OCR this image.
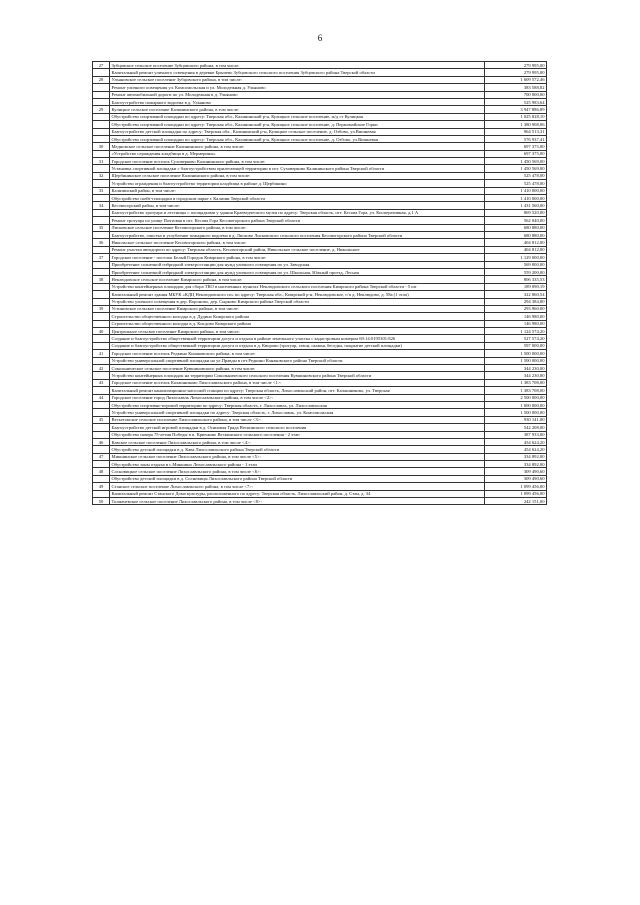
6
27	Зубцовское сельское поселение Зубцовского района, в том числе:	279 995,00
	Капитальный ремонт уличного освещения в деревне Брычево Зубцовского сельского поселения Зубцовского района Тверской области	279 995,00
28	Ульяновское сельское поселение Зубцовского района, в том числе:	1 609 572,46
	Ремонт уличного освещения ул. Комсомольская и ул. Молодежная д. Ульяново	383 588,82
	Ремонт автомобильной дороги по ул. Молодежная в д. Ульяново	700 000,00
	Благоустройство пожарного водоема в д. Ульяново	525 983,64
29	Кулицкое сельское поселение Калининского района, в том числе:	3 947 886,89
	Обустройство спортивной площадки по адресу: Тверская обл., Калининский р-н, Кулицкое сельское поселение, ж/д ст Кулицкая	1 025 828,10
	Обустройство спортивной площадки по адресу: Тверская обл., Калининский р-н, Кулицкое сельское поселение, д. Пермомайские Горки	1 380 908,06
	Благоустройство детской площадки по адресу: Тверская обл., Калининский р-н, Кулицкое сельское поселение, д. Озбово, ул.Вишневая	964 513,31
	Обустройство спортивной площадки по адресу: Тверская обл., Калининский р-н, Кулицкое сельское поселение, д. Озбово, ул.Вишневая	576 937,41
30	Медновское сельское поселение Калининского района, в том числе:	697 375,00
	«Устройство ограждения кладбища в д. Мермерины»	697 375,00
31	Городское поселение поселок Суховерково Калининского района, в том числе:	1 450 569,00
	Установка спортивной площадки с благоустройством прилегающей территории в пгт. Суховерково Калининского района Тверской области	1 450 569,00
32	Щербининское сельское поселение Калининского района, в том числе:	525 478,00
	Устройство ограждения и благоустройство территории кладбища в районе д. Щербинино	525 478,00
33	Калязинский район, в том числе:	1 410 000,00
	Обустройство скейт-площадки в городском парке г. Калязин Тверской области	1 410 000,00
34	Кесовогорский район, в том числе:	1 431 560,00
	Благоустройство тротуара и лестницы с площадками у здания Краеведческого музея по адресу: Тверская область, пгт. Кесова Гора, ул. Кооперативная, д.1 А	869 520,00
	Ремонт тротуара по улице Почтовая в пгт. Кесова Гора Кесовогорского района Тверской области	562 040,00
35	Лисковское сельское поселение Кесовогорского района, в том числе:	680 880,00
	Благоустройство, очистка и углубление пожарного водоема в д. Лисково Лисковского сельского поселения Кесовогорского района Тверской области	680 880,00
36	Никольское сельское поселение Кесовогорского района, в том числе:	404 812,00
	Ремонт участка автодороги по адресу: Тверская область, Кесовогорский район, Никольское сельское поселение, д. Никольское	404 812,00
37	Городское поселение - поселок Белый Городок Кимрского района, в том числе:	1 129 000,00
	Приобретение солнечной гибридной электростанции для нужд уличного освещения по ул. Заводская	569 800,00
	Приобретение солнечной гибридной электростанции для нужд уличного освещения по ул. Школьная, Южный проезд, Лесная	559 200,00
38	Неклюдовское сельское поселение Кимрского района, в том числе:	806 335,53
	Устройство контейнерных площадок для сбора ТКО в населенных пунктах Неклюдовского сельского поселения Кимрского района Тверской области - 5 шт	189 090,19
	Капитальный ремонт здания МБУК «КДЦ Неклюдовского сп» по адресу: Тверская обл., Кимрский р-н, Неклюдовское, с/п д. Неклюдово, д. 58а (1 этап)	322 860,54
	Устройство уличного освещения в дер. Вороново, дер. Сырково Кимрского района Тверской области	294 384,80
39	Устиновское сельское поселение Кимрского района, в том числе:	293 960,00
	Строительство общественного колодца в д. Дудино Кимрского района	146 980,00
	Строительство общественного колодца в д. Кисдово Кимрского района	146 980,00
40	Центральное сельское поселение Кимрского района, в том числе:	1 124 574,20
	Создание и благоустройство общественной территории досуга и отдыха в районе земельного участка с кадастровым номером 69:14:0195301:826	527 574,20
	Создание и благоустройство общественной территории досуга и отдыха в д. Кворово (тротуар, газон, скамья, беседка, покрытие детской площадки)	597 000,00
41	Городское поселение поселок Редкино Конаковского района, в том числе:	1 500 000,00
	Устройство универсальной спортивной площадки на ул.Правды в пгт.Редкино Конаковского района Тверской области	1 500 000,00
42	Сокольническое сельское поселение Кувшиновского района, в том числе:	344 230,00
	Устройство контейнерных площадок на территории Сокольнического сельского поселения Кувшиновского района Тверской области	344 230,00
43	Городское поселение поселок Калашниково Лихославльского района, в том числе <1>:	1 383 708,00
	Капитальный ремонт канализационно-насосной станции по адресу: Тверская область, Лихославльский район, пгт. Калашниково, ул. Тверская	1 383 708,00
44	Городское поселение город Лихославль Лихославльского района, в том числе <2>:	2 500 000,00
	Обустройство спортивно-игровой территории по адресу: Тверская область, г. Лихославль, ул. Лихославльская	1 000 000,00
	Устройство универсальной спортивной площадки по адресу: Тверская область, г. Лихославль, ул. Комсомольская	1 500 000,00
45	Весьегонское сельское поселение Лихославльского района, в том числе <3>:	930 141,00
	Благоустройство детской игровой площадки в д. Осиновая Гряда Вескинского сельского поселения	542 208,00
	Обустройство сквера 75-летия Победы в п. Крючково Вескинского сельского поселения - 2 этап	387 933,00
46	Кавское сельское поселение Лихославльского района, в том числе <4>:	454 624,20
	Обустройство детской площадки в д. Кава Лихославльского района Тверской области	454 624,20
47	Микшинское сельское поселение Лихославльского района, в том числе <5>:	334 892,00
	Обустройство зоны отдыха в с.Микшино Лихославльского района - 1 этап	334 892,00
48	Сосновицкое сельское поселение Лихославльского района, в том числе <6>:	309 490,60
	Обустройство детской площадки в д. Сосновицы Лихославльского района Тверской области	309 490,60
49	Станское сельское поселение Лихославльского района, в том числе <7>:	1 099 456,00
	Капитальный ремонт Станского Дома культуры, расположенного по адресу: Тверская область, Лихославльский район, д. Стан, д. 34	1 099 456,00
50	Толмачевское сельское поселение Лихославльского района, в том числе <8>:	242 151,00
